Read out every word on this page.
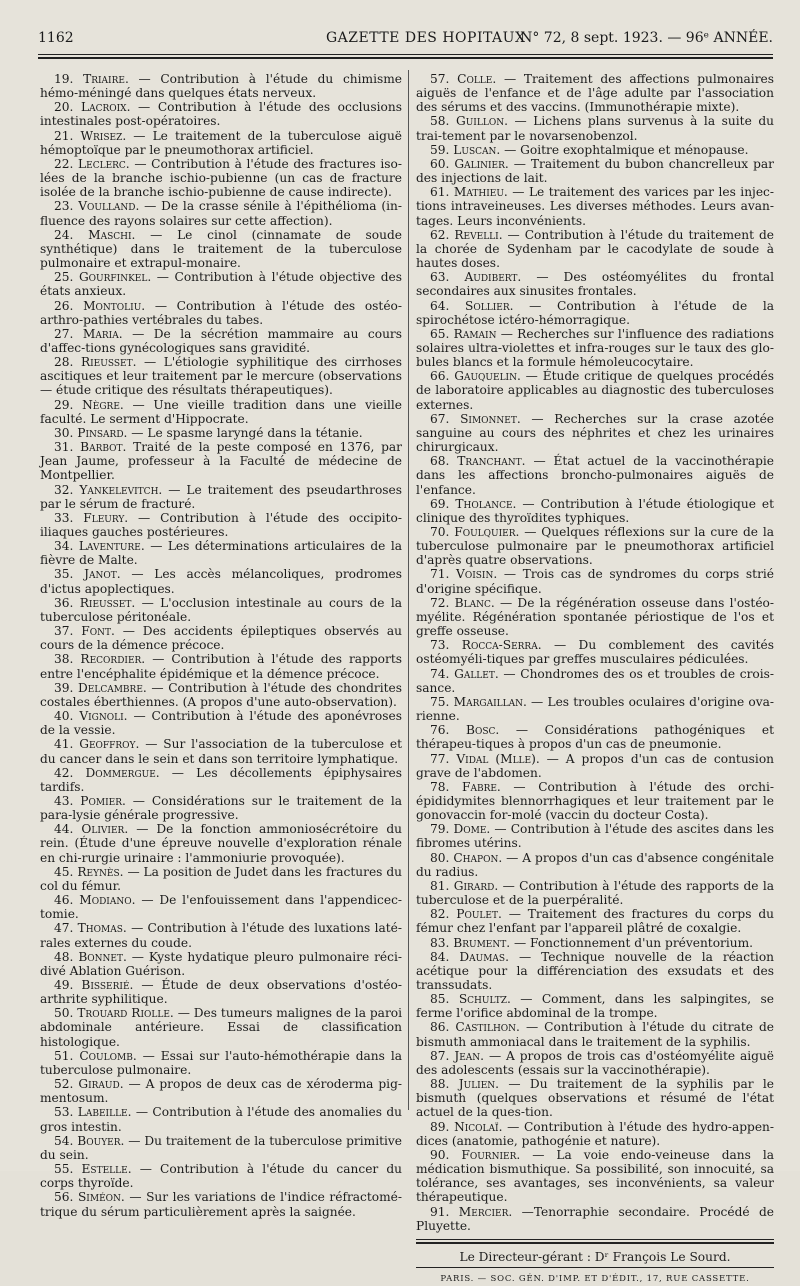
1162	GAZETTE DES HOPITAUX
N° 72, 8 sept. 1923. — 96ᵉ ANNÉE.
19. Triaire. — Contribution à l'étude du chimisme hémo-méningé dans quelques états nerveux.
20. Lacroix. — Contribution à l'étude des occlusions intestinales post-opératoires.
21. Wrisez. — Le traitement de la tuberculose aiguë hémoptoïque par le pneumothorax artificiel.
22. Leclerc. — Contribution à l'étude des fractures iso-lées de la branche ischio-pubienne (un cas de fracture isolée de la branche ischio-pubienne de cause indirecte).
23. Voulland. — De la crasse sénile à l'épithélioma (in-fluence des rayons solaires sur cette affection).
24. Maschi. — Le cinol (cinnamate de soude synthétique) dans le traitement de la tuberculose pulmonaire et extrapul-monaire.
25. Gourfinkel. — Contribution à l'étude objective des états anxieux.
26. Montoliu. — Contribution à l'étude des ostéo-arthro-pathies vertébrales du tabes.
27. Maria. — De la sécrétion mammaire au cours d'affec-tions gynécologiques sans gravidité.
28. Rieusset. — L'étiologie syphilitique des cirrhoses ascitiques et leur traitement par le mercure (observations — étude critique des résultats thérapeutiques).
29. Nègre. — Une vieille tradition dans une vieille faculté. Le serment d'Hippocrate.
30. Pinsard. — Le spasme laryngé dans la tétanie.
31. Barbot. Traité de la peste composé en 1376, par Jean Jaume, professeur à la Faculté de médecine de Montpellier.
32. Yankelevitch. — Le traitement des pseudarthroses par le sérum de fracturé.
33. Fleury. — Contribution à l'étude des occipito-iliaques gauches postérieures.
34. Laventure. — Les déterminations articulaires de la fièvre de Malte.
35. Janot. — Les accès mélancoliques, prodromes d'ictus apoplectiques.
36. Rieusset. — L'occlusion intestinale au cours de la tuberculose péritonéale.
37. Font. — Des accidents épileptiques observés au cours de la démence précoce.
38. Recordier. — Contribution à l'étude des rapports entre l'encéphalite épidémique et la démence précoce.
39. Delcambre. — Contribution à l'étude des chondrites costales éberthiennes. (A propos d'une auto-observation).
40. Vignoli. — Contribution à l'étude des aponévroses de la vessie.
41. Geoffroy. — Sur l'association de la tuberculose et du cancer dans le sein et dans son territoire lymphatique.
42. Dommergue. — Les décollements épiphysaires tardifs.
43. Pomier. — Considérations sur le traitement de la para-lysie générale progressive.
44. Olivier. — De la fonction ammoniosécrétoire du rein. (Étude d'une épreuve nouvelle d'exploration rénale en chi-rurgie urinaire : l'ammoniurie provoquée).
45. Reynès. — La position de Judet dans les fractures du col du fémur.
46. Modiano. — De l'enfouissement dans l'appendicec-tomie.
47. Thomas. — Contribution à l'étude des luxations laté-rales externes du coude.
48. Bonnet. — Kyste hydatique pleuro pulmonaire réci-divé Ablation Guérison.
49. Bisserié. — Étude de deux observations d'ostéo-arthrite syphilitique.
50. Trouard Riolle. — Des tumeurs malignes de la paroi abdominale antérieure. Essai de classification histologique.
51. Coulomb. — Essai sur l'auto-hémothérapie dans la tuberculose pulmonaire.
52. Giraud. — A propos de deux cas de xéroderma pig-mentosum.
53. Labeille. — Contribution à l'étude des anomalies du gros intestin.
54. Bouyer. — Du traitement de la tuberculose primitive du sein.
55. Estelle. — Contribution à l'étude du cancer du corps thyroïde.
56. Siméon. — Sur les variations de l'indice réfractomé-trique du sérum particulièrement après la saignée.
57. Colle. — Traitement des affections pulmonaires aiguës de l'enfance et de l'âge adulte par l'association des sérums et des vaccins. (Immunothérapie mixte).
58. Guillon. — Lichens plans survenus à la suite du trai-tement par le novarsenobenzol.
59. Luscan. — Goitre exophtalmique et ménopause.
60. Galinier. — Traitement du bubon chancrelleux par des injections de lait.
61. Mathieu. — Le traitement des varices par les injec-tions intraveineuses. Les diverses méthodes. Leurs avan-tages. Leurs inconvénients.
62. Revelli. — Contribution à l'étude du traitement de la chorée de Sydenham par le cacodylate de soude à hautes doses.
63. Audibert. — Des ostéomyélites du frontal secondaires aux sinusites frontales.
64. Sollier. — Contribution à l'étude de la spirochétose ictéro-hémorragique.
65. Ramain — Recherches sur l'influence des radiations solaires ultra-violettes et infra-rouges sur le taux des glo-bules blancs et la formule hémoleucocytaire.
66. Gauquelin. — Étude critique de quelques procédés de laboratoire applicables au diagnostic des tuberculoses externes.
67. Simonnet. — Recherches sur la crase azotée sanguine au cours des néphrites et chez les urinaires chirurgicaux.
68. Tranchant. — État actuel de la vaccinothérapie dans les affections broncho-pulmonaires aiguës de l'enfance.
69. Tholance. — Contribution à l'étude étiologique et clinique des thyroïdites typhiques.
70. Foulquier. — Quelques réflexions sur la cure de la tuberculose pulmonaire par le pneumothorax artificiel d'après quatre observations.
71. Voisin. — Trois cas de syndromes du corps strié d'origine spécifique.
72. Blanc. — De la régénération osseuse dans l'ostéo-myélite. Régénération spontanée périostique de l'os et greffe osseuse.
73. Rocca-Serra. — Du comblement des cavités ostéomyéli-tiques par greffes musculaires pédiculées.
74. Gallet. — Chondromes des os et troubles de crois-sance.
75. Margaillan. — Les troubles oculaires d'origine ova-rienne.
76. Bosc. — Considérations pathogéniques et thérapeu-tiques à propos d'un cas de pneumonie.
77. Vidal (Mlle). — A propos d'un cas de contusion grave de l'abdomen.
78. Fabre. — Contribution à l'étude des orchi-épididymites blennorrhagiques et leur traitement par le gonovaccin for-molé (vaccin du docteur Costa).
79. Dome. — Contribution à l'étude des ascites dans les fibromes utérins.
80. Chapon. — A propos d'un cas d'absence congénitale du radius.
81. Girard. — Contribution à l'étude des rapports de la tuberculose et de la puerpéralité.
82. Poulet. — Traitement des fractures du corps du fémur chez l'enfant par l'appareil plâtré de coxalgie.
83. Brument. — Fonctionnement d'un préventorium.
84. Daumas. — Technique nouvelle de la réaction acétique pour la différenciation des exsudats et des transsudats.
85. Schultz. — Comment, dans les salpingites, se ferme l'orifice abdominal de la trompe.
86. Castilhon. — Contribution à l'étude du citrate de bismuth ammoniacal dans le traitement de la syphilis.
87. Jean. — A propos de trois cas d'ostéomyélite aiguë des adolescents (essais sur la vaccinothérapie).
88. Julien. — Du traitement de la syphilis par le bismuth (quelques observations et résumé de l'état actuel de la ques-tion.
89. Nicolaï. — Contribution à l'étude des hydro-appen-dices (anatomie, pathogénie et nature).
90. Fournier. — La voie endo-veineuse dans la médication bismuthique. Sa possibilité, son innocuité, sa tolérance, ses avantages, ses inconvénients, sa valeur thérapeutique.
91. Mercier. —Tenorraphie secondaire. Procédé de Pluyette.
Le Directeur-gérant : Dʳ François Le Sourd.
PARIS. — SOC. GÉN. D'IMP. ET D'ÉDIT., 17, RUE CASSETTE.
